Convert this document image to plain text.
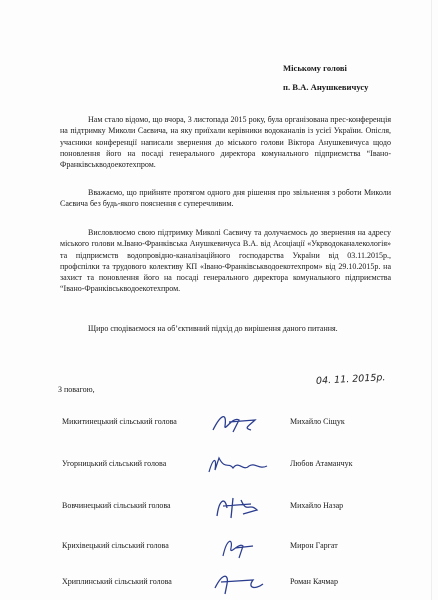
Міському голові
п. В.А. Анушкевичусу

Нам стало відомо, що вчора, 3 листопада 2015 року, була організована прес-конференція на підтримку Миколи Саєвича, на яку приїхали керівники водоканалів із усієї України. Опісля, учасники конференції написали звернення до міського голови Віктора Анушкевичуса щодо поновлення його на посаді генерального директора комунального підприємства “Івано-Франківськводоекотехпром.

Вважаємо, що прийняте протягом одного дня рішення про звільнення з роботи Миколи Саєвича без будь-якого пояснення є суперечливим.

Висловлюємо свою підтримку Миколі Саєвичу та долучаємось до звернення на адресу міського голови м.Івано-Франківська Анушкевичуса В.А. від Асоціації «Укрводоканалекологія» та підприємств водопровідно-каналізаційного господарства України від 03.11.2015р., профспілки та трудового колективу КП «Івано-Франківськводоекотехпром» від 29.10.2015р. на захист та поновлення його на посаді генерального директора комунального підприємства “Івано-Франківськводоекотехпром.

Щиро сподіваємося на об’єктивний підхід до вирішення даного питання.

04. 11. 2015р.

З повагою,

Микитинецький сільський голова	Михайло Сіщук
Угорницький сільський голова	Любов Атаманчук
Вовчинецький сільський голова	Михайло Назар
Крихівецький сільський голова	Мирон Гаргат
Хриплинський сільський голова	Роман Качмар
